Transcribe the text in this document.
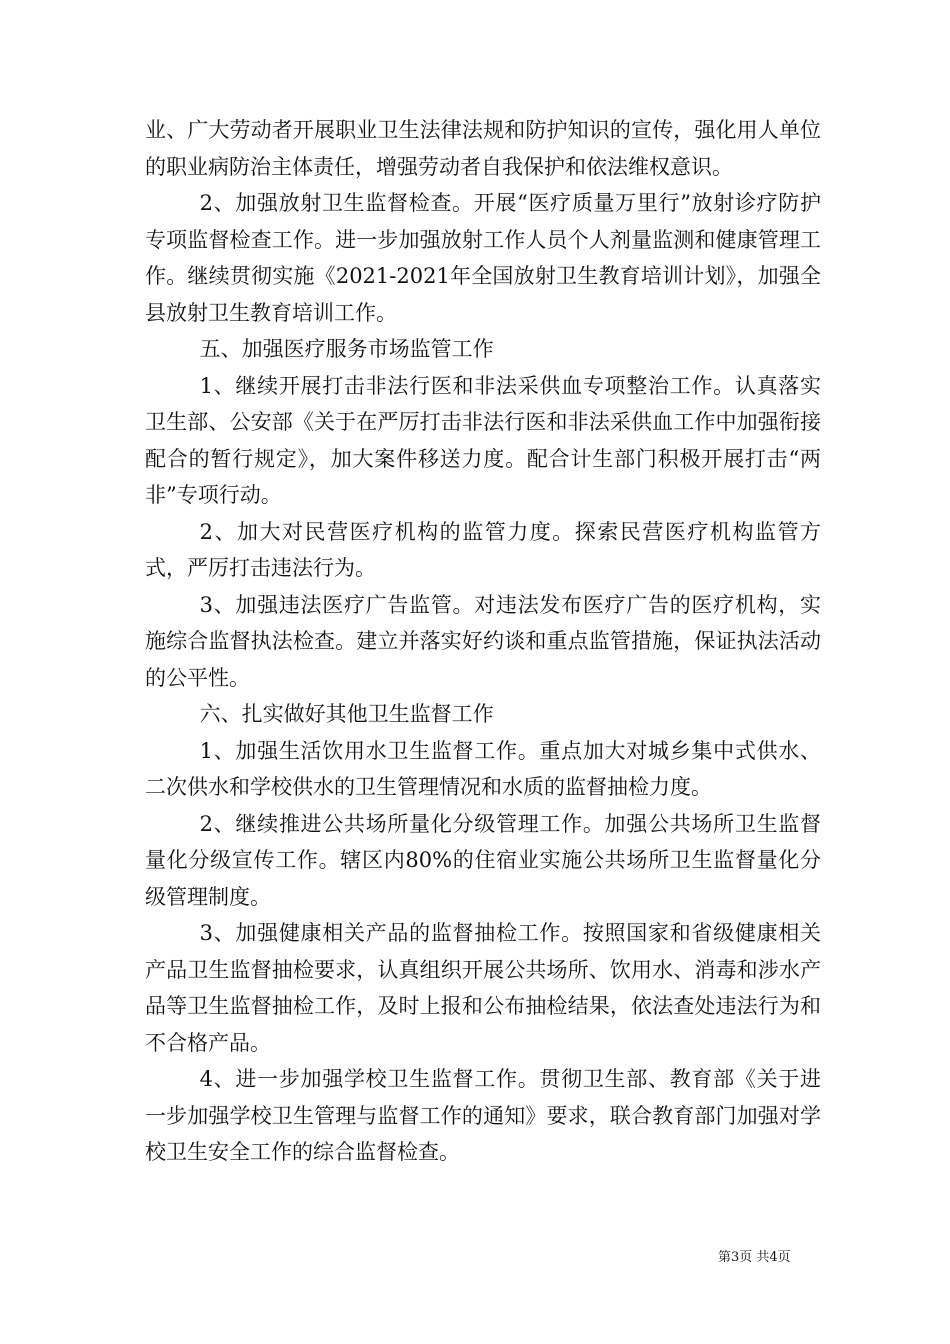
业、广大劳动者开展职业卫生法律法规和防护知识的宣传，强化用人单位的职业病防治主体责任，增强劳动者自我保护和依法维权意识。

2、加强放射卫生监督检查。开展“医疗质量万里行”放射诊疗防护专项监督检查工作。进一步加强放射工作人员个人剂量监测和健康管理工作。继续贯彻实施《2021-2021年全国放射卫生教育培训计划》，加强全县放射卫生教育培训工作。

五、加强医疗服务市场监管工作

1、继续开展打击非法行医和非法采供血专项整治工作。认真落实卫生部、公安部《关于在严厉打击非法行医和非法采供血工作中加强衔接配合的暂行规定》，加大案件移送力度。配合计生部门积极开展打击“两非”专项行动。

2、加大对民营医疗机构的监管力度。探索民营医疗机构监管方式，严厉打击违法行为。

3、加强违法医疗广告监管。对违法发布医疗广告的医疗机构，实施综合监督执法检查。建立并落实好约谈和重点监管措施，保证执法活动的公平性。

六、扎实做好其他卫生监督工作

1、加强生活饮用水卫生监督工作。重点加大对城乡集中式供水、二次供水和学校供水的卫生管理情况和水质的监督抽检力度。

2、继续推进公共场所量化分级管理工作。加强公共场所卫生监督量化分级宣传工作。辖区内80%的住宿业实施公共场所卫生监督量化分级管理制度。

3、加强健康相关产品的监督抽检工作。按照国家和省级健康相关产品卫生监督抽检要求，认真组织开展公共场所、饮用水、消毒和涉水产品等卫生监督抽检工作，及时上报和公布抽检结果，依法查处违法行为和不合格产品。

4、进一步加强学校卫生监督工作。贯彻卫生部、教育部《关于进一步加强学校卫生管理与监督工作的通知》要求，联合教育部门加强对学校卫生安全工作的综合监督检查。

第3页 共4页
